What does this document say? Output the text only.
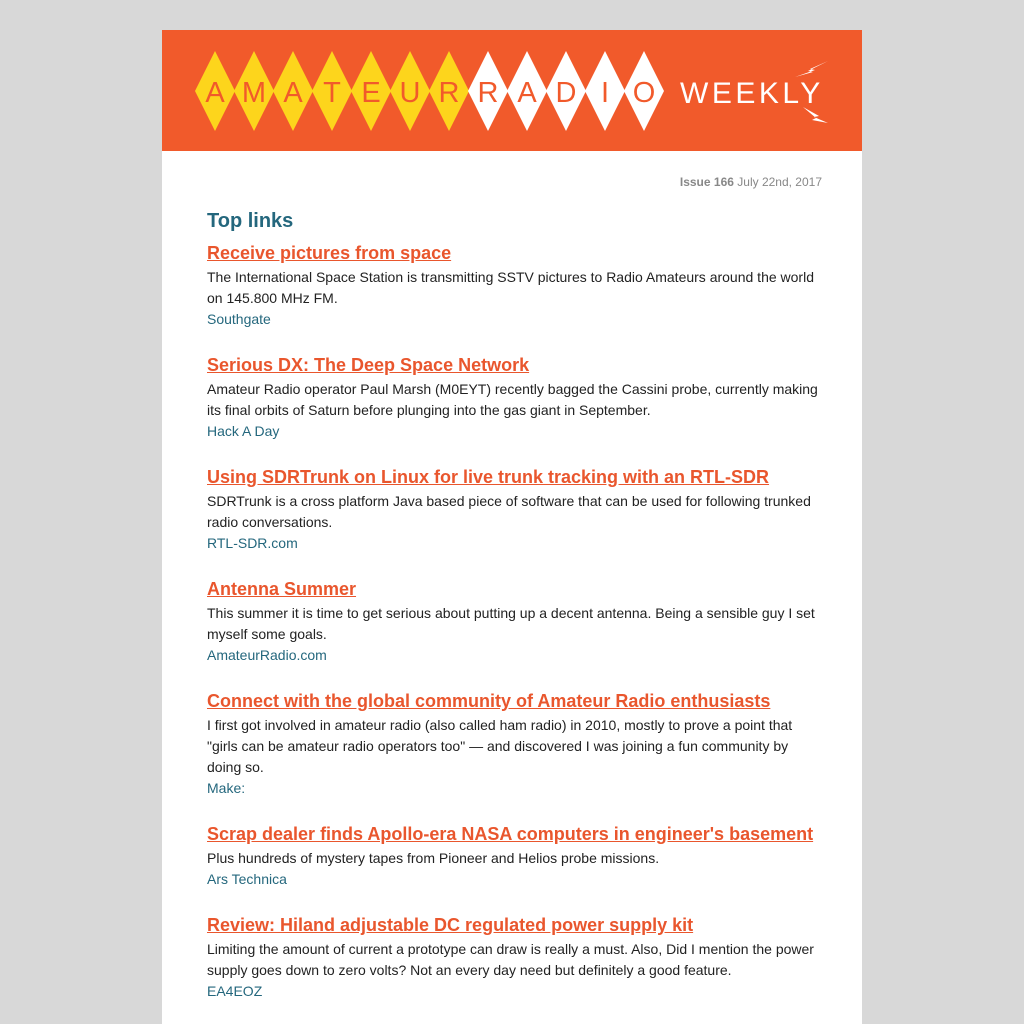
A M A T E U R R A D I O WEEKLY
Issue 166 July 22nd, 2017
Top links
Receive pictures from space

The International Space Station is transmitting SSTV pictures to Radio Amateurs around the world on 145.800 MHz FM.

Southgate
Serious DX: The Deep Space Network

Amateur Radio operator Paul Marsh (M0EYT) recently bagged the Cassini probe, currently making its final orbits of Saturn before plunging into the gas giant in September.

Hack A Day
Using SDRTrunk on Linux for live trunk tracking with an RTL-SDR

SDRTrunk is a cross platform Java based piece of software that can be used for following trunked radio conversations.

RTL-SDR.com
Antenna Summer

This summer it is time to get serious about putting up a decent antenna. Being a sensible guy I set myself some goals.

AmateurRadio.com
Connect with the global community of Amateur Radio enthusiasts

I first got involved in amateur radio (also called ham radio) in 2010, mostly to prove a point that "girls can be amateur radio operators too" — and discovered I was joining a fun community by doing so.

Make:
Scrap dealer finds Apollo-era NASA computers in engineer's basement

Plus hundreds of mystery tapes from Pioneer and Helios probe missions.

Ars Technica
Review: Hiland adjustable DC regulated power supply kit

Limiting the amount of current a prototype can draw is really a must. Also, Did I mention the power supply goes down to zero volts? Not an every day need but definitely a good feature.

EA4EOZ
